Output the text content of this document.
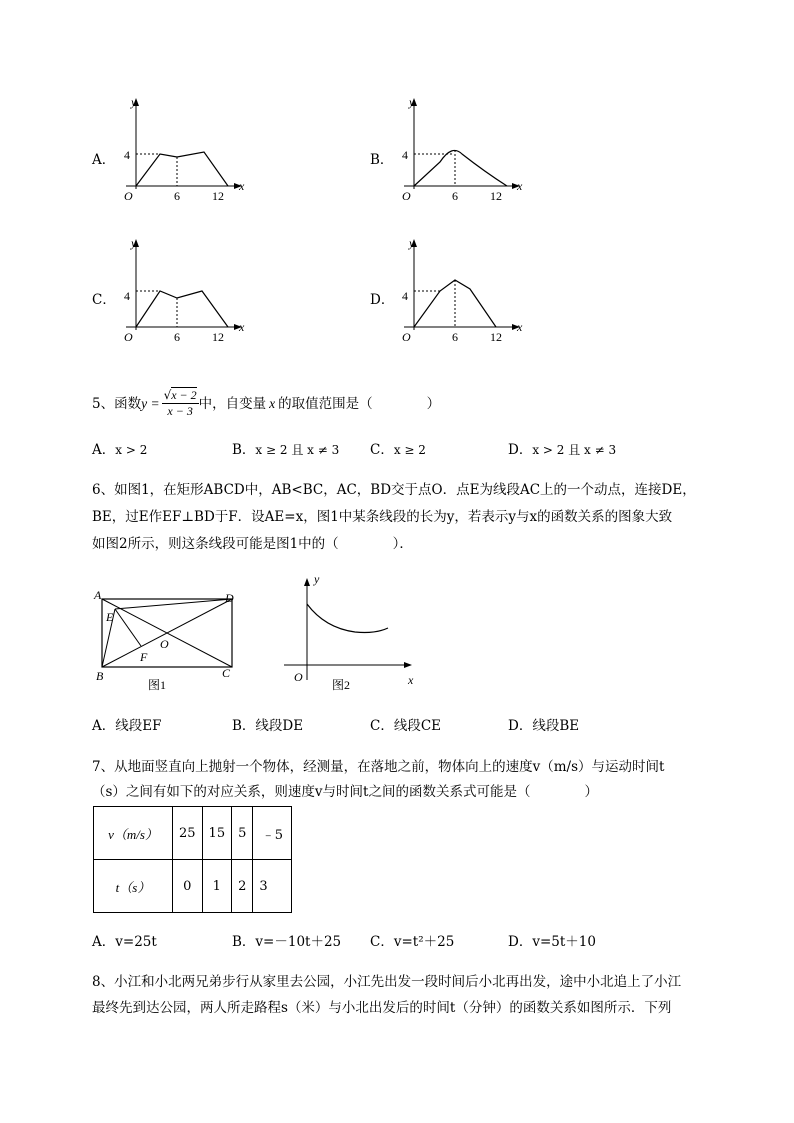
A．
y
4
O	6	12
x
B．
y
4
O	6	12
x
C．
y
4
O	6	12
x
D．
y
4
O	6	12
x
5、函数 $y = \frac{√x - 2}{x - 3}$ 中，自变量 x 的取值范围是（　　　　）
A．x > 2	B．x ≥ 2 且 x ≠ 3 C．x ≥ 2	D．x > 2 且 x ≠ 3
6、如图1，在矩形ABCD中，AB<BC，AC，BD交于点O．点E为线段AC上的一个动点，连接DE，
BE，过E作EF⊥BD于F．设AE=x，图1中某条线段的长为y，若表示y与x的函数关系的图象大致
如图2所示，则这条线段可能是图1中的（　　　　）．
A	D
E
O
F
B	C
图1
y
O
图2	x
A．线段EF	B．线段DE	C．线段CE	D．线段BE
7、从地面竖直向上抛射一个物体，经测量，在落地之前，物体向上的速度v（m/s）与运动时间t
（s）之间有如下的对应关系，则速度v与时间t之间的函数关系式可能是（　　　　）
v（m/s）	25	15	5	﹣5
t（s）	0	1	2	3
A．v=25t	B．v=－10t＋25 C．v=t²＋25	D．v=5t＋10
8、小江和小北两兄弟步行从家里去公园，小江先出发一段时间后小北再出发，途中小北追上了小江
最终先到达公园，两人所走路程s（米）与小北出发后的时间t（分钟）的函数关系如图所示．下列
